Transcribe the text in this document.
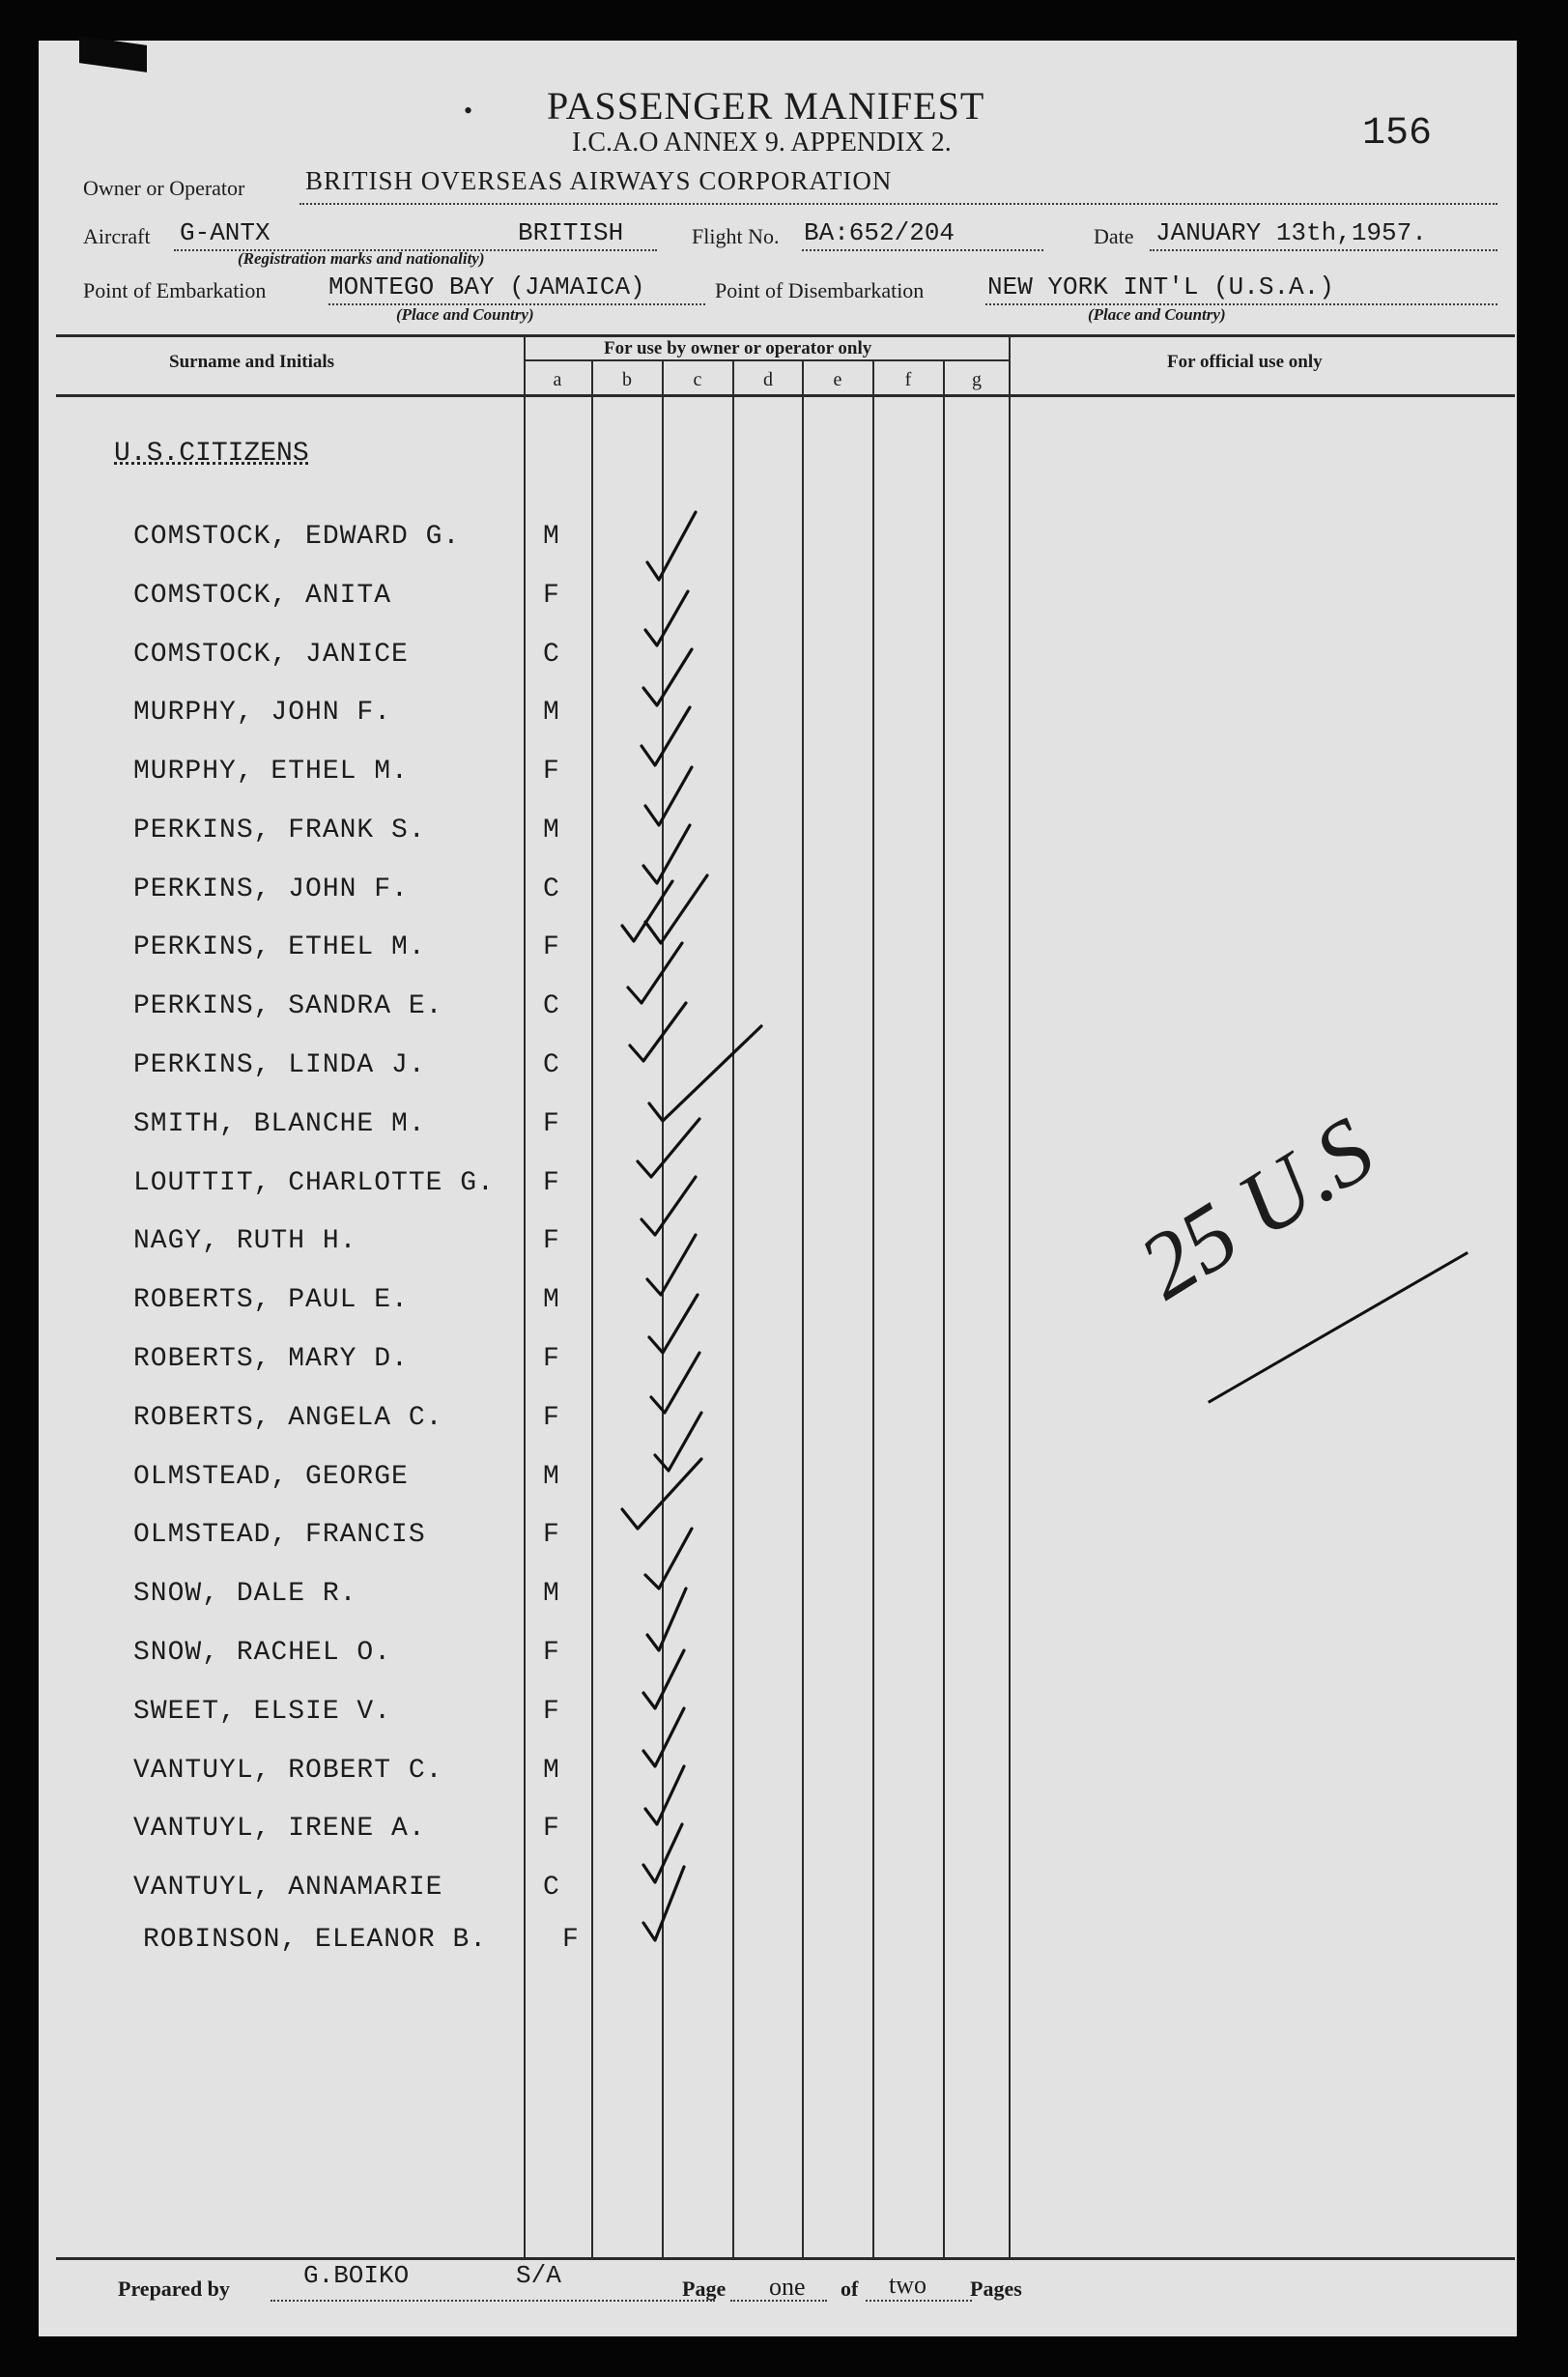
• PASSENGER MANIFEST
I.C.A.O ANNEX 9. APPENDIX 2.	156
Owner or Operator BRITISH OVERSEAS AIRWAYS CORPORATION
Aircraft G-ANTX	BRITISH
(Registration marks and nationality)
Flight No. BA:652/204	Date JANUARY 13th,1957.
Point of Embarkation MONTEGO BAY (JAMAICA)
(Place and Country)
Point of Disembarkation	NEW YORK INT'L (U.S.A.)
(Place and Country)
Surname and Initials
For use by owner or operator only
For official use only
a	b	c	d	e	f	g
U.S.CITIZENS
COMSTOCK, EDWARD G.	M
COMSTOCK, ANITA	F
COMSTOCK, JANICE	C
MURPHY, JOHN F.	M
MURPHY, ETHEL M.	F
PERKINS, FRANK S.	M
PERKINS, JOHN F.	C
PERKINS, ETHEL M.	F
PERKINS, SANDRA E.	C
PERKINS, LINDA J.	C
SMITH, BLANCHE M.	F
LOUTTIT, CHARLOTTE G. F
NAGY, RUTH H.	F
ROBERTS, PAUL E.	M
ROBERTS, MARY D.	F
ROBERTS, ANGELA C.	F
OLMSTEAD, GEORGE	M
OLMSTEAD, FRANCIS	F
SNOW, DALE R.	M
SNOW, RACHEL O.	F
SWEET, ELSIE V.	F
VANTUYL, ROBERT C.	M
VANTUYL, IRENE A.	F
VANTUYL, ANNAMARIE	C
ROBINSON, ELEANOR B.	F
25 U.S
Prepared by	G.BOIKO	S/A	Page one of two Pages
